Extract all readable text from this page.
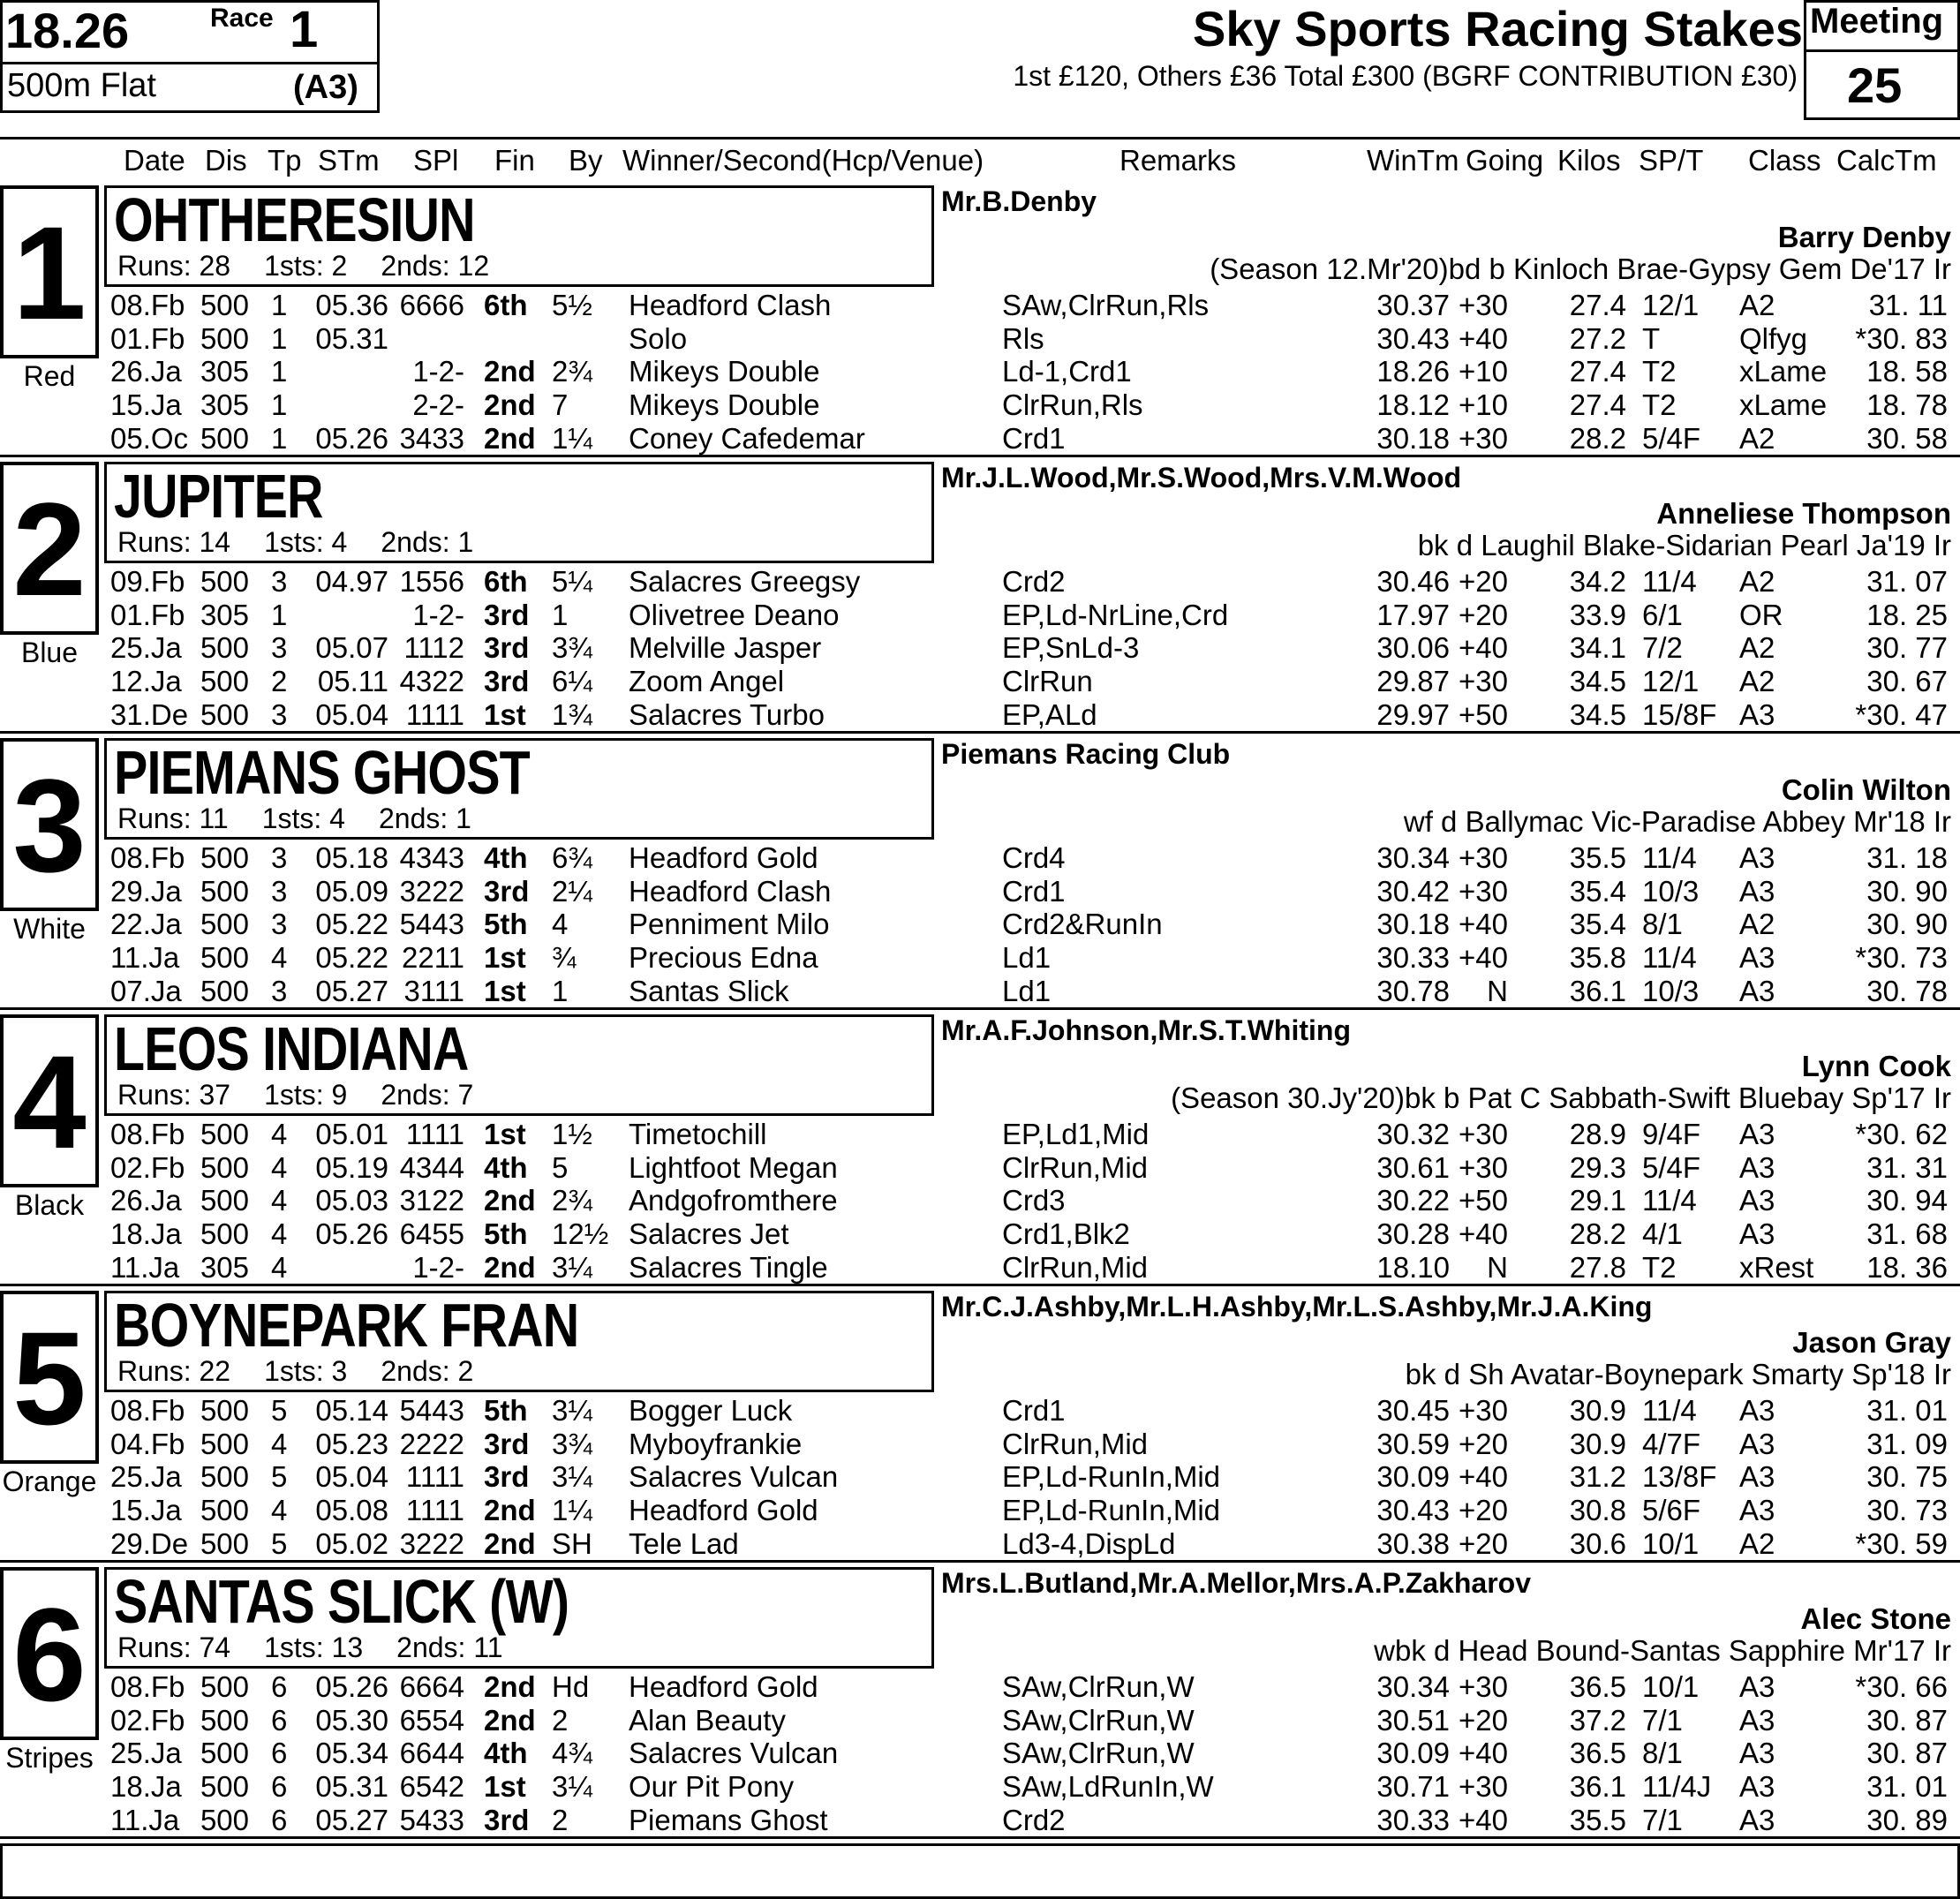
18.26	Race 1
500m Flat	(A3)
Sky Sports Racing Stakes
1st £120, Others £36 Total £300 (BGRF CONTRIBUTION £30)
Meeting
25
Date Dis Tp STm SPl Fin By Winner/Second(Hcp/Venue)	Remarks	WinTm Going Kilos SP/T Class CalcTm
1
Red
OHTHERESIUN
Runs: 28 1sts: 2 2nds: 12
Mr.B.Denby
Barry Denby
(Season 12.Mr'20)bd b Kinloch Brae-Gypsy Gem De'17 Ir
08.Fb 500 1 05.36 6666 6th 5½ Headford Clash	SAw,ClrRun,Rls	30.37 +30 27.4 12/1 A2	31. 11
01.Fb 500 1 05.31	Solo	Rls	30.43 +40 27.2 T	Qlfyg *30. 83
26.Ja 305 1	1-2- 2nd 2¾ Mikeys Double	Ld-1,Crd1	18.26 +10 27.4 T2 xLame 18. 58
15.Ja 305 1	2-2- 2nd 7 Mikeys Double	ClrRun,Rls	18.12 +10 27.4 T2 xLame 18. 78
05.Oc 500 1 05.26 3433 2nd 1¼ Coney Cafedemar	Crd1	30.18 +30 28.2 5/4F A2	30. 58
2
Blue
JUPITER
Runs: 14 1sts: 4 2nds: 1
Mr.J.L.Wood,Mr.S.Wood,Mrs.V.M.Wood
Anneliese Thompson
bk d Laughil Blake-Sidarian Pearl Ja'19 Ir
09.Fb 500 3 04.97 1556 6th 5¼ Salacres Greegsy	Crd2	30.46 +20 34.2 11/4 A2	31. 07
01.Fb 305 1	1-2- 3rd 1 Olivetree Deano	EP,Ld-NrLine,Crd	17.97 +20 33.9 6/1 OR	18. 25
25.Ja 500 3 05.07 1112 3rd 3¾ Melville Jasper	EP,SnLd-3	30.06 +40 34.1 7/2 A2	30. 77
12.Ja 500 2 05.11 4322 3rd 6¼ Zoom Angel	ClrRun	29.87 +30 34.5 12/1 A2	30. 67
31.De 500 3 05.04 1111 1st 1¾ Salacres Turbo	EP,ALd	29.97 +50 34.5 15/8F A3	*30. 47
3
White
PIEMANS GHOST
Runs: 11 1sts: 4 2nds: 1
Piemans Racing Club
Colin Wilton
wf d Ballymac Vic-Paradise Abbey Mr'18 Ir
08.Fb 500 3 05.18 4343 4th 6¾ Headford Gold	Crd4	30.34 +30 35.5 11/4 A3	31. 18
29.Ja 500 3 05.09 3222 3rd 2¼ Headford Clash	Crd1	30.42 +30 35.4 10/3 A3	30. 90
22.Ja 500 3 05.22 5443 5th 4 Penniment Milo	Crd2&RunIn	30.18 +40 35.4 8/1 A2	30. 90
11.Ja 500 4 05.22 2211 1st ¾ Precious Edna	Ld1	30.33 +40 35.8 11/4 A3	*30. 73
07.Ja 500 3 05.27 3111 1st 1 Santas Slick	Ld1	30.78 N 36.1 10/3 A3	30. 78
4
Black
LEOS INDIANA
Runs: 37 1sts: 9 2nds: 7
Mr.A.F.Johnson,Mr.S.T.Whiting
Lynn Cook
(Season 30.Jy'20)bk b Pat C Sabbath-Swift Bluebay Sp'17 Ir
08.Fb 500 4 05.01 1111 1st 1½ Timetochill	EP,Ld1,Mid	30.32 +30 28.9 9/4F A3	*30. 62
02.Fb 500 4 05.19 4344 4th 5 Lightfoot Megan	ClrRun,Mid	30.61 +30 29.3 5/4F A3	31. 31
26.Ja 500 4 05.03 3122 2nd 2¾ Andgofromthere	Crd3	30.22 +50 29.1 11/4 A3	30. 94
18.Ja 500 4 05.26 6455 5th 12½ Salacres Jet	Crd1,Blk2	30.28 +40 28.2 4/1 A3	31. 68
11.Ja 305 4	1-2- 2nd 3¼ Salacres Tingle	ClrRun,Mid	18.10 N 27.8 T2 xRest 18. 36
5
Orange
BOYNEPARK FRAN
Runs: 22 1sts: 3 2nds: 2
Mr.C.J.Ashby,Mr.L.H.Ashby,Mr.L.S.Ashby,Mr.J.A.King
Jason Gray
bk d Sh Avatar-Boynepark Smarty Sp'18 Ir
08.Fb 500 5 05.14 5443 5th 3¼ Bogger Luck	Crd1	30.45 +30 30.9 11/4 A3	31. 01
04.Fb 500 4 05.23 2222 3rd 3¾ Myboyfrankie	ClrRun,Mid	30.59 +20 30.9 4/7F A3	31. 09
25.Ja 500 5 05.04 1111 3rd 3¼ Salacres Vulcan	EP,Ld-RunIn,Mid	30.09 +40 31.2 13/8F A3	30. 75
15.Ja 500 4 05.08 1111 2nd 1¼ Headford Gold	EP,Ld-RunIn,Mid	30.43 +20 30.8 5/6F A3	30. 73
29.De 500 5 05.02 3222 2nd SH Tele Lad	Ld3-4,DispLd	30.38 +20 30.6 10/1 A2	*30. 59
6
Stripes
SANTAS SLICK (W)
Runs: 74 1sts: 13 2nds: 11
Mrs.L.Butland,Mr.A.Mellor,Mrs.A.P.Zakharov
Alec Stone
wbk d Head Bound-Santas Sapphire Mr'17 Ir
08.Fb 500 6 05.26 6664 2nd Hd Headford Gold	SAw,ClrRun,W	30.34 +30 36.5 10/1 A3	*30. 66
02.Fb 500 6 05.30 6554 2nd 2 Alan Beauty	SAw,ClrRun,W	30.51 +20 37.2 7/1 A3	30. 87
25.Ja 500 6 05.34 6644 4th 4¾ Salacres Vulcan	SAw,ClrRun,W	30.09 +40 36.5 8/1 A3	30. 87
18.Ja 500 6 05.31 6542 1st 3¼ Our Pit Pony	SAw,LdRunIn,W	30.71 +30 36.1 11/4J A3	31. 01
11.Ja 500 6 05.27 5433 3rd 2 Piemans Ghost	Crd2	30.33 +40 35.5 7/1 A3	30. 89
